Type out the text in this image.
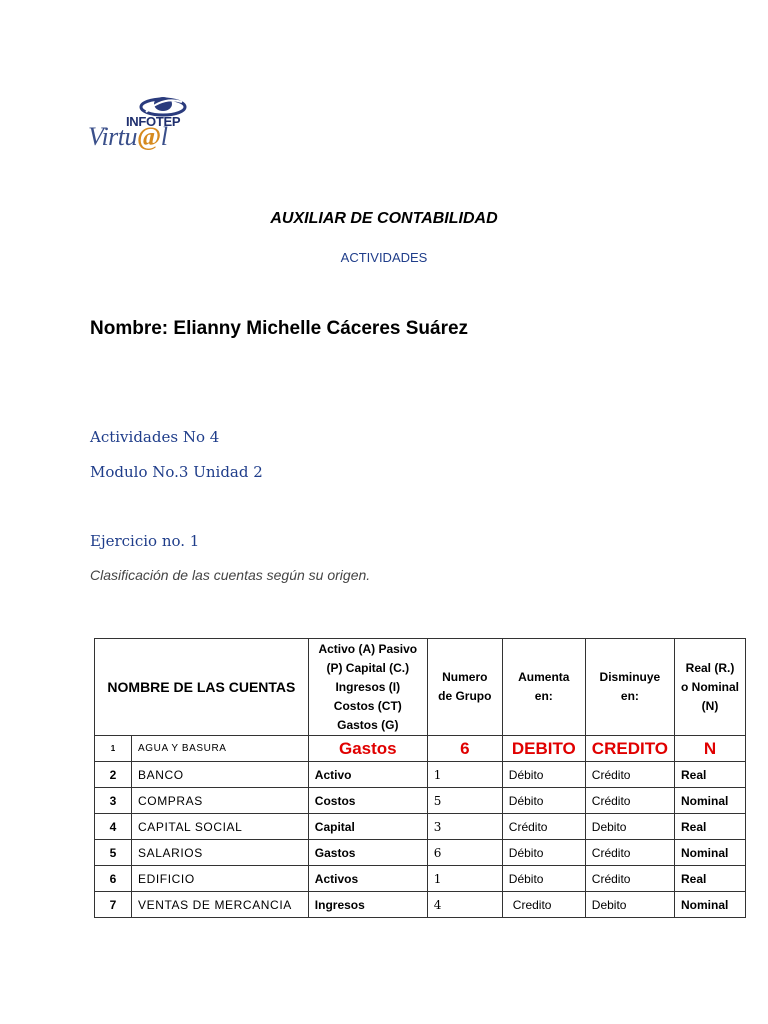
INFOTEP
Virtu@l
AUXILIAR DE CONTABILIDAD
ACTIVIDADES
Nombre: Elianny Michelle Cáceres Suárez
Actividades No 4
Modulo No.3 Unidad 2
Ejercicio no. 1
Clasificación de las cuentas según su origen.
NOMBRE DE LAS CUENTAS		Activo (A) Pasivo (P) Capital (C.) Ingresos (I) Costos (CT) Gastos (G)	Numero de Grupo	Aumenta en:	Disminuye en:	Real (R.) o Nominal (N)
1	AGUA Y BASURA	Gastos	6	DEBITO	CREDITO	N
2	BANCO	Activo	1	Débito	Crédito	Real
3	COMPRAS	Costos	5	Débito	Crédito	Nominal
4	CAPITAL SOCIAL	Capital	3	Crédito	Debito	Real
5	SALARIOS	Gastos	6	Débito	Crédito	Nominal
6	EDIFICIO	Activos	1	Débito	Crédito	Real
7	VENTAS DE MERCANCIA	Ingresos	4	Credito	Debito	Nominal
